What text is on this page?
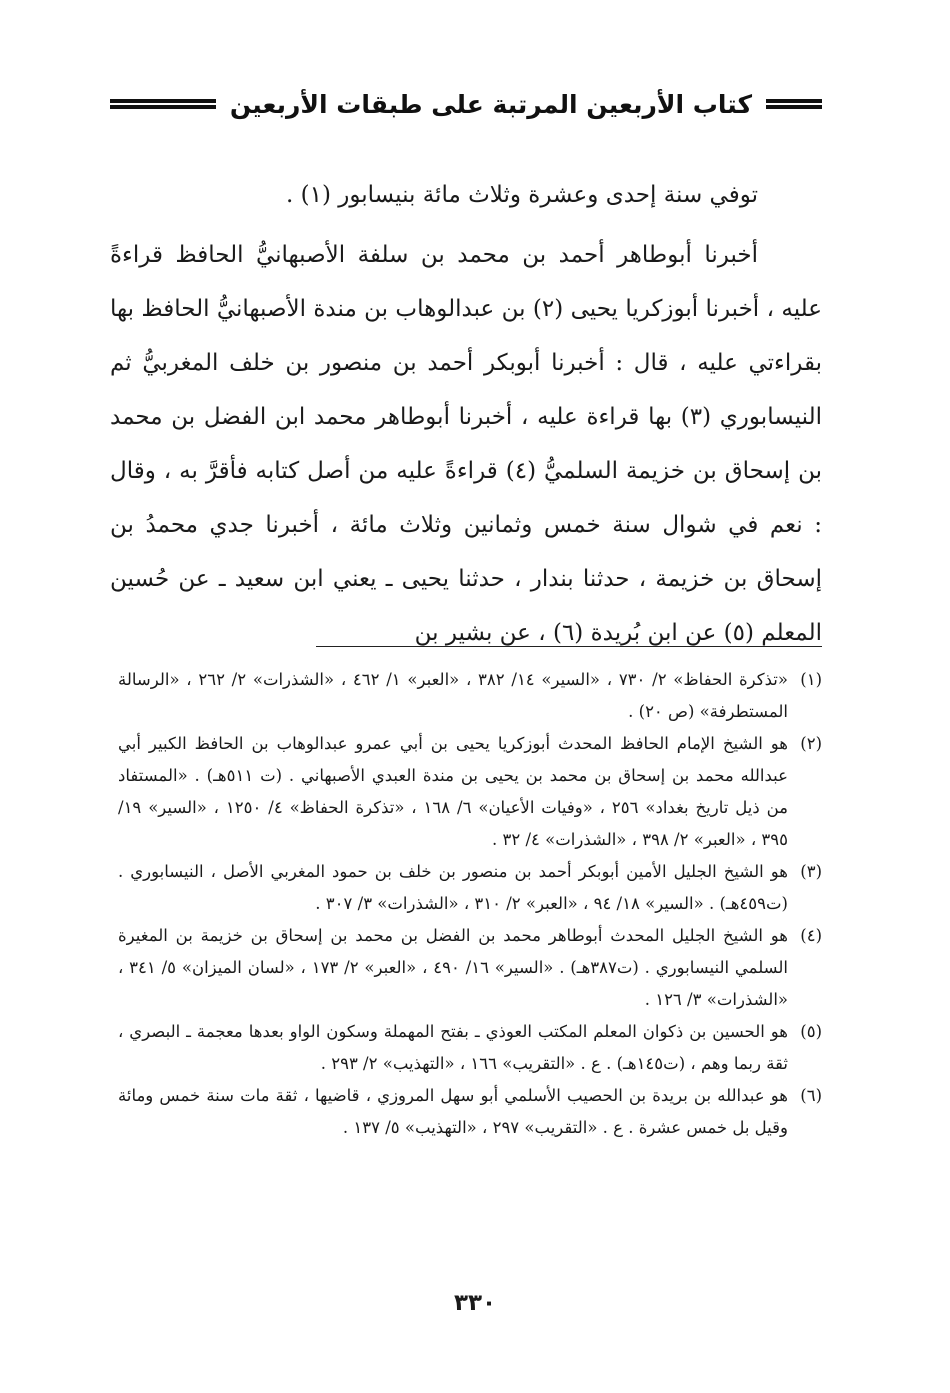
كتاب الأربعين المرتبة على طبقات الأربعين

توفي سنة إحدى وعشرة وثلاث مائة بنيسابور (١) .

أخبرنا أبوطاهر أحمد بن محمد بن سلفة الأصبهانيُّ الحافظ قراءةً عليه ، أخبرنا أبوزكريا يحيى (٢) بن عبدالوهاب بن مندة الأصبهانيُّ الحافظ بها بقراءتي عليه ، قال : أخبرنا أبوبكر أحمد بن منصور بن خلف المغربيُّ ثم النيسابوري (٣) بها قراءة عليه ، أخبرنا أبوطاهر محمد ابن الفضل بن محمد بن إسحاق بن خزيمة السلميُّ (٤) قراءةً عليه من أصل كتابه فأقرَّ به ، وقال : نعم في شوال سنة خمس وثمانين وثلاث مائة ، أخبرنا جدي محمدُ بن إسحاق بن خزيمة ، حدثنا بندار ، حدثنا يحيى ـ يعني ابن سعيد ـ عن حُسين المعلم (٥) عن ابن بُريدة (٦) ، عن بشير بن

(١)
«تذكرة الحفاظ» ٢/ ٧٣٠ ، «السير» ١٤/ ٣٨٢ ، «العبر» ١/ ٤٦٢ ، «الشذرات» ٢/ ٢٦٢ ، «الرسالة المستطرفة» (ص ٢٠) .
(٢)
هو الشيخ الإمام الحافظ المحدث أبوزكريا يحيى بن أبي عمرو عبدالوهاب بن الحافظ الكبير أبي عبدالله محمد بن إسحاق بن محمد بن يحيى بن مندة العبدي الأصبهاني . (ت ٥١١هـ) . «المستفاد من ذيل تاريخ بغداد» ٢٥٦ ، «وفيات الأعيان» ٦/ ١٦٨ ، «تذكرة الحفاظ» ٤/ ١٢٥٠ ، «السير» ١٩/ ٣٩٥ ، «العبر» ٢/ ٣٩٨ ، «الشذرات» ٤/ ٣٢ .
(٣)
هو الشيخ الجليل الأمين أبوبكر أحمد بن منصور بن خلف بن حمود المغربي الأصل ، النيسابوري . (ت٤٥٩هـ) . «السير» ١٨/ ٩٤ ، «العبر» ٢/ ٣١٠ ، «الشذرات» ٣/ ٣٠٧ .
(٤)
هو الشيخ الجليل المحدث أبوطاهر محمد بن الفضل بن محمد بن إسحاق بن خزيمة بن المغيرة السلمي النيسابوري . (ت٣٨٧هـ) . «السير» ١٦/ ٤٩٠ ، «العبر» ٢/ ١٧٣ ، «لسان الميزان» ٥/ ٣٤١ ، «الشذرات» ٣/ ١٢٦ .
(٥)
هو الحسين بن ذكوان المعلم المكتب العوذي ـ بفتح المهملة وسكون الواو بعدها معجمة ـ البصري ، ثقة ربما وهم ، (ت١٤٥هـ) . ع . «التقريب» ١٦٦ ، «التهذيب» ٢/ ٢٩٣ .
(٦)
هو عبدالله بن بريدة بن الحصيب الأسلمي أبو سهل المروزي ، قاضيها ، ثقة مات سنة خمس ومائة وقيل بل خمس عشرة . ع . «التقريب» ٢٩٧ ، «التهذيب» ٥/ ١٣٧ .
٣٣٠
